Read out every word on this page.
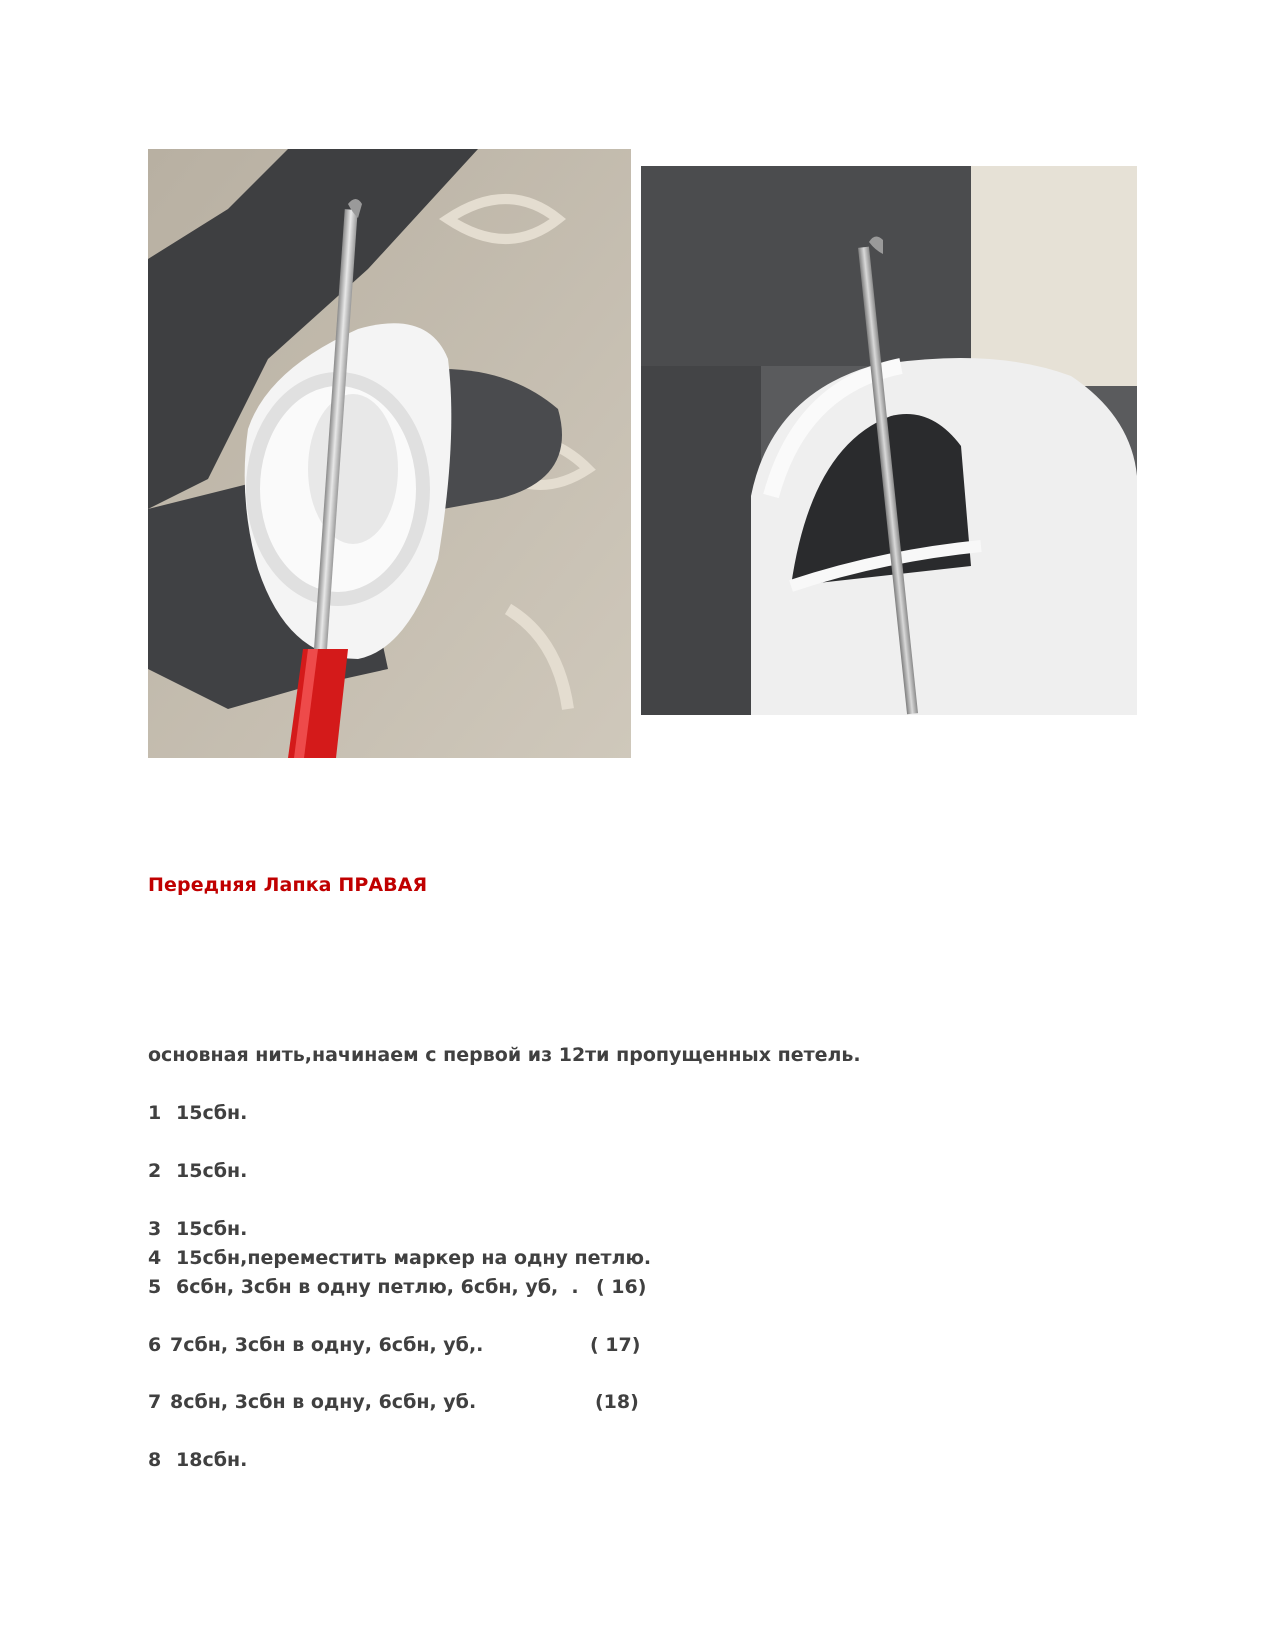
Передняя Лапка ПРАВАЯ
основная нить,начинаем с первой из 12ти пропущенных петель.

1

15сбн.

2

15сбн.

3

15сбн.

4

15сбн,переместить маркер на одну петлю.

5

6сбн, 3сбн в одну петлю, 6сбн, уб,  .

( 16)

6

7сбн, 3сбн в одну, 6сбн, уб,.

	( 17)

7

8сбн, 3сбн в одну, 6сбн, уб.

	(18)

8

18сбн.
